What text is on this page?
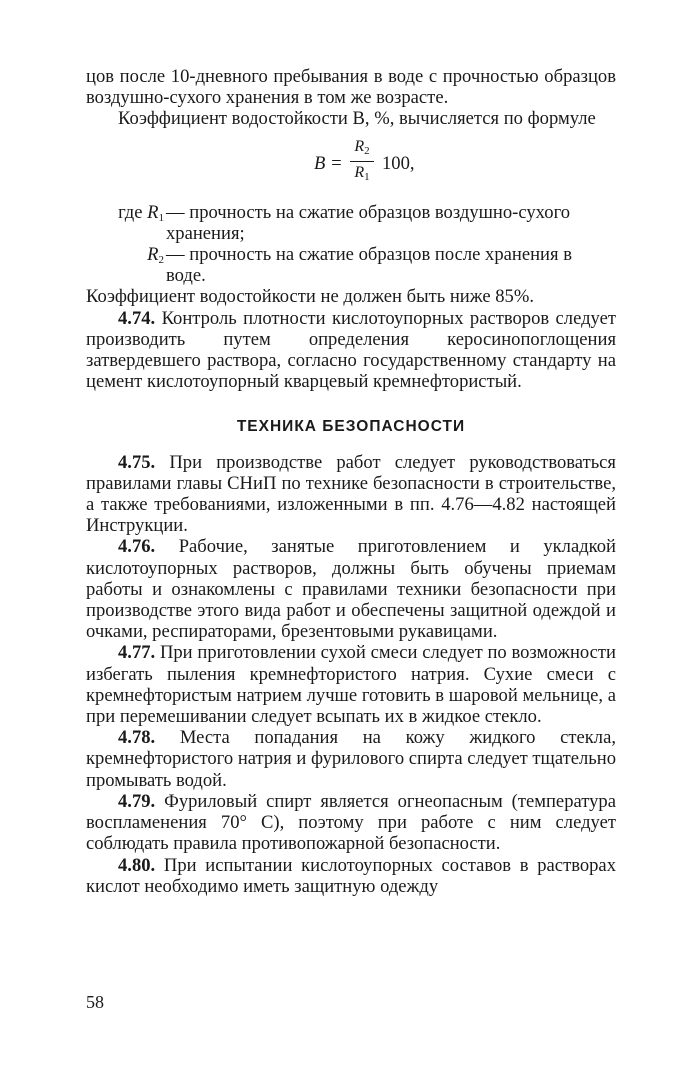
цов после 10-дневного пребывания в воде с прочностью образцов воздушно-сухого хранения в том же возрасте.

Коэффициент водостойкости В, %, вычисляется по формуле

$В = \frac{R_2}{R_1} 100$,
где $R_1$ — прочность на сжатие образцов воздушно-сухого хранения;
$R_2$ — прочность на сжатие образцов после хранения в воде.

Коэффициент водостойкости не должен быть ниже 85%.

4.74. Контроль плотности кислотоупорных растворов следует производить путем определения керосинопоглощения затвердевшего раствора, согласно государственному стандарту на цемент кислотоупорный кварцевый кремнефтористый.

ТЕХНИКА БЕЗОПАСНОСТИ

4.75. При производстве работ следует руководствоваться правилами главы СНиП по технике безопасности в строительстве, а также требованиями, изложенными в пп. 4.76—4.82 настоящей Инструкции.

4.76. Рабочие, занятые приготовлением и укладкой кислотоупорных растворов, должны быть обучены приемам работы и ознакомлены с правилами техники безопасности при производстве этого вида работ и обеспечены защитной одеждой и очками, респираторами, брезентовыми рукавицами.

4.77. При приготовлении сухой смеси следует по возможности избегать пыления кремнефтористого натрия. Сухие смеси с кремнефтористым натрием лучше готовить в шаровой мельнице, а при перемешивании следует всыпать их в жидкое стекло.

4.78. Места попадания на кожу жидкого стекла, кремнефтористого натрия и фурилового спирта следует тщательно промывать водой.

4.79. Фуриловый спирт является огнеопасным (температура воспламенения 70° С), поэтому при работе с ним следует соблюдать правила противопожарной безопасности.

4.80. При испытании кислотоупорных составов в растворах кислот необходимо иметь защитную одежду

58
